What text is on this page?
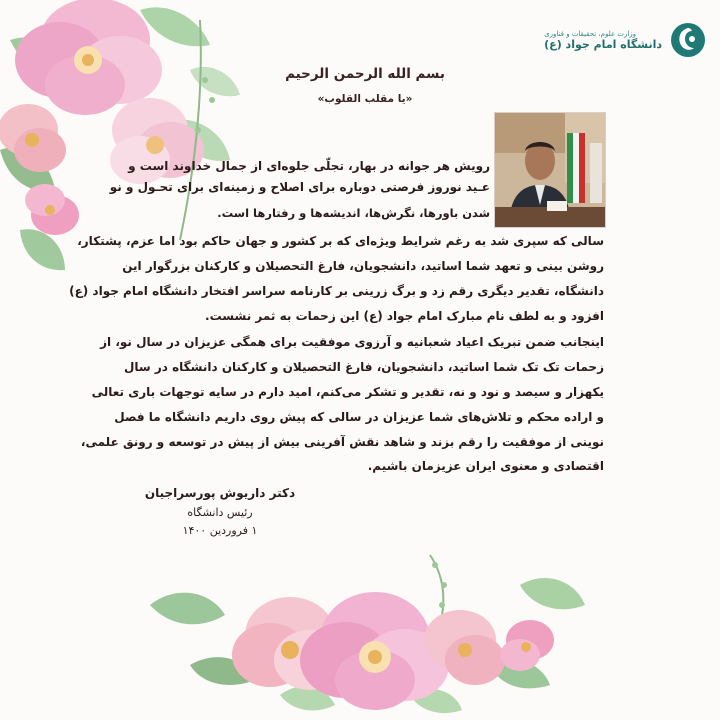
وزارت علوم، تحقیقات و فناوری
دانشگاه امام جواد (ع)
بسم الله الرحمن الرحیم
«یا مقلب القلوب»
رویش هر جوانه در بهار، تجلّی جلوه‌ای از جمال خداوند است و
عـید نوروز فرصتی دوباره برای اصلاح و زمینه‌ای برای تحـول و نو
شدن باورها، نگرش‌ها، اندیشه‌ها و رفتارها است.
سالی که سپری شد به رغم شرایط ویژه‌ای که بر کشور و جهان حاکم بود اما عزم، پشتکار،
روشن بینی و تعهد شما اساتید، دانشجویان، فارغ التحصیلان و کارکنان بزرگوار این
دانشگاه، تقدیر دیگری رقم زد و برگ زرینی بر کارنامه سراسر افتخار دانشگاه امام جواد (ع)
افزود و به لطف نام مبارک امام جواد (ع) این زحمات به ثمر نشست.
اینجانب ضمن تبریک اعیاد شعبانیه و آرزوی موفقیت برای همگی عزیزان در سال نو، از
زحمات تک تک شما اساتید، دانشجویان، فارغ التحصیلان و کارکنان دانشگاه در سال
یکهزار و سیصد و نود و نه، تقدیر و تشکر می‌کنم، امید دارم در سایه توجهات باری تعالی
و اراده محکم و تلاش‌های شما عزیزان در سالی که پیش روی داریم دانشگاه ما فصل
نوینی از موفقیت را رقم بزند و شاهد نقش آفرینی بیش از پیش در توسعه و رونق علمی،
اقتصادی و معنوی ایران عزیزمان باشیم.
دکتر داریوش پورسراجیان
رئیس دانشگاه
۱ فروردین ۱۴۰۰
